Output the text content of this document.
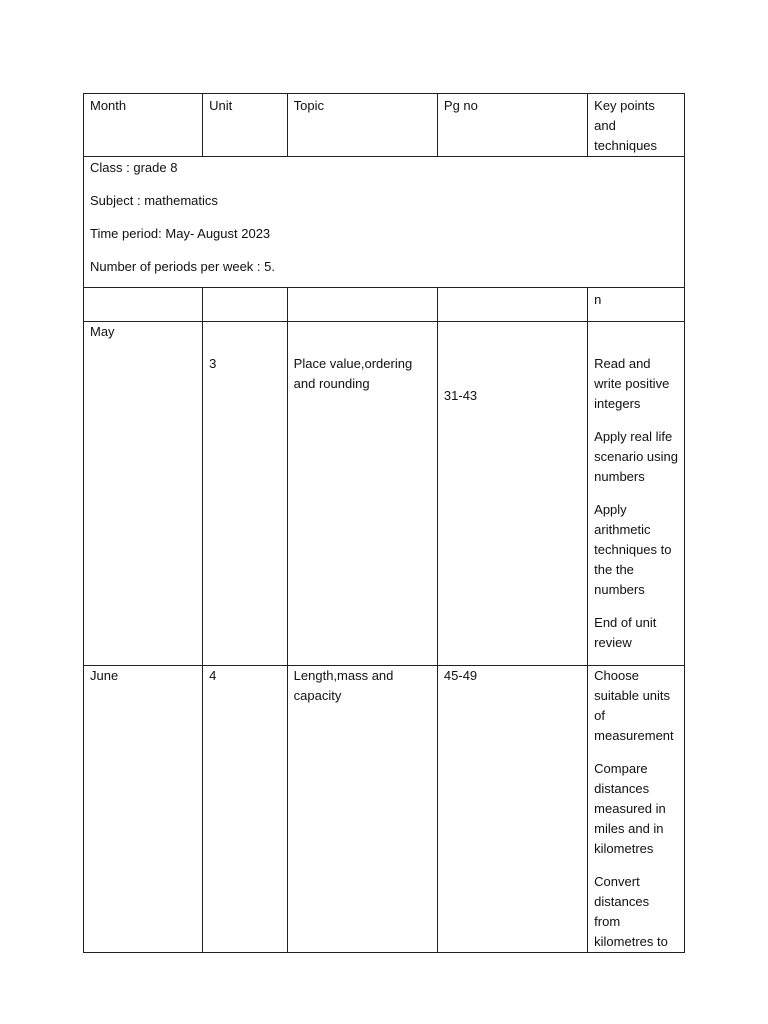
Month	Unit	Topic	Pg no	Key points and techniques

Class : grade 8
Subject : mathematics
Time period: May- August 2023
Number of periods per week : 5.				

				n

May	3	Place value,ordering and rounding	31-43	Read and write positive integers
Apply real life scenario using numbers
Apply arithmetic techniques to the the numbers
End of unit review

June	4	Length,mass and capacity	45-49	Choose suitable units of measurement
Compare distances measured in miles and in kilometres
Convert distances from kilometres to
